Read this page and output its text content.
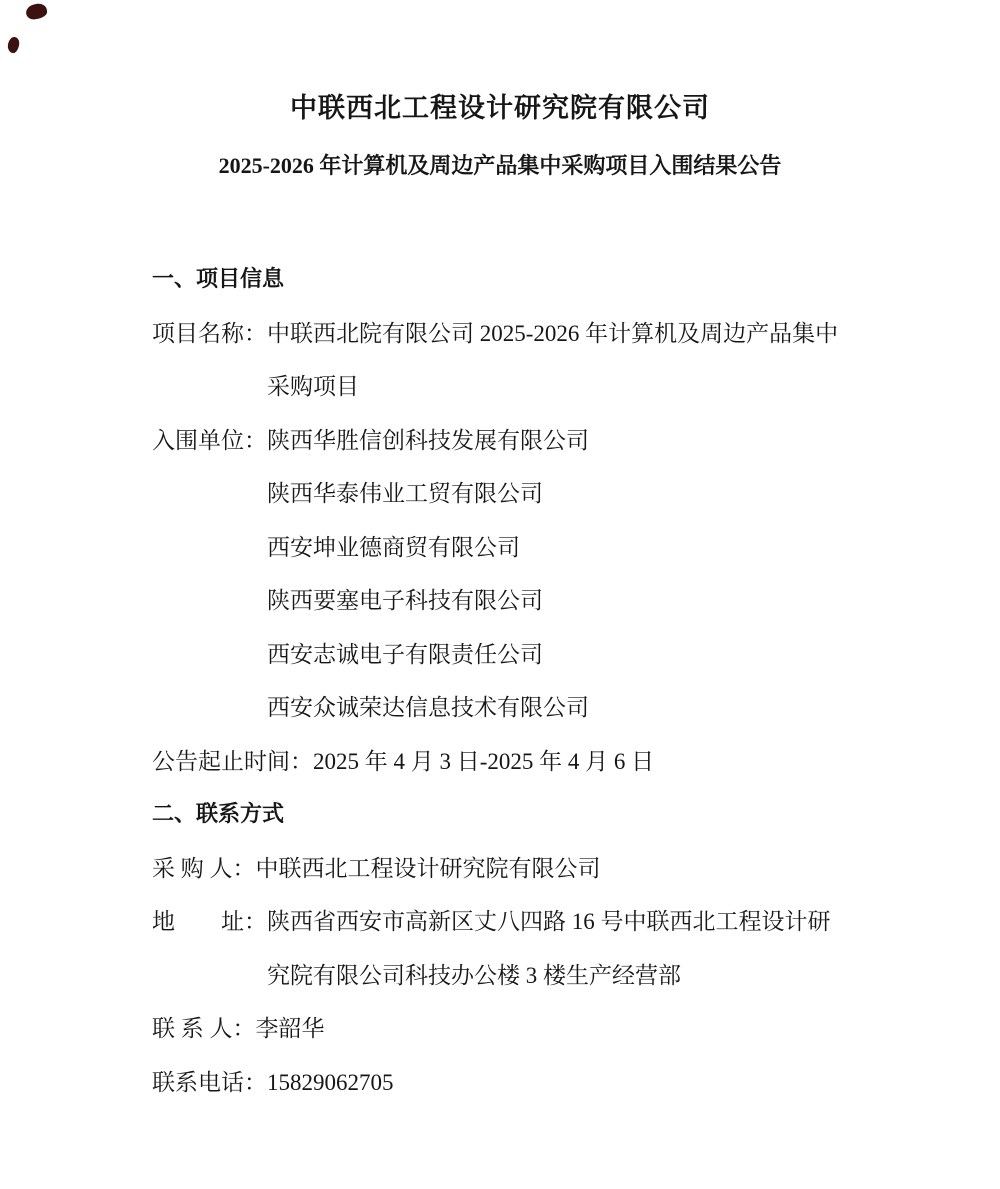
中联西北工程设计研究院有限公司
2025-2026 年计算机及周边产品集中采购项目入围结果公告
一、项目信息
项目名称：中联西北院有限公司 2025-2026 年计算机及周边产品集中
采购项目
入围单位：陕西华胜信创科技发展有限公司
陕西华泰伟业工贸有限公司
西安坤业德商贸有限公司
陕西要塞电子科技有限公司
西安志诚电子有限责任公司
西安众诚荣达信息技术有限公司
公告起止时间：2025 年 4 月 3 日-2025 年 4 月 6 日
二、联系方式
采 购 人：中联西北工程设计研究院有限公司
地　　址：陕西省西安市高新区丈八四路 16 号中联西北工程设计研
究院有限公司科技办公楼 3 楼生产经营部
联 系 人：李韶华
联系电话：15829062705
